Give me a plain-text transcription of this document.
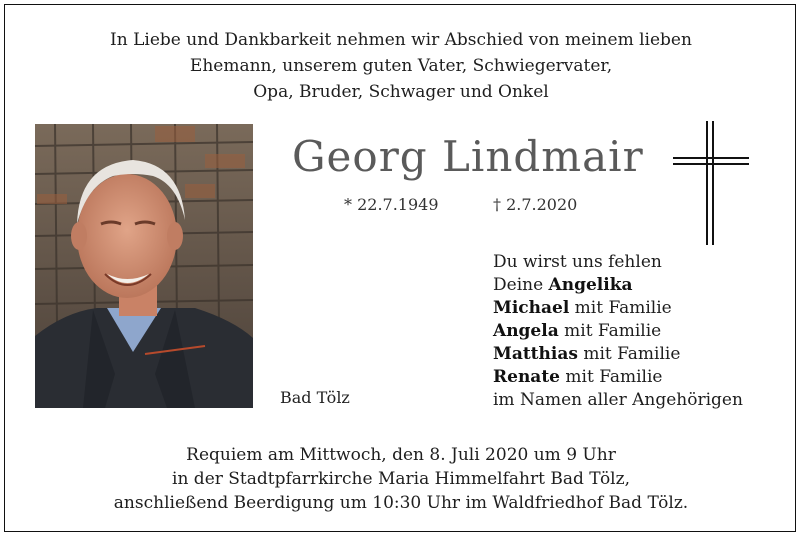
In Liebe und Dankbarkeit nehmen wir Abschied von meinem lieben
Ehemann, unserem guten Vater, Schwiegervater,
Opa, Bruder, Schwager und Onkel
Georg Lindmair
* 22.7.1949	† 2.7.2020
Du wirst uns fehlen
Deine Angelika
Michael mit Familie
Angela mit Familie
Matthias mit Familie
Renate mit Familie
im Namen aller Angehörigen
Bad Tölz
Requiem am Mittwoch, den 8. Juli 2020 um 9 Uhr
in der Stadtpfarrkirche Maria Himmelfahrt Bad Tölz,
anschließend Beerdigung um 10:30 Uhr im Waldfriedhof Bad Tölz.
